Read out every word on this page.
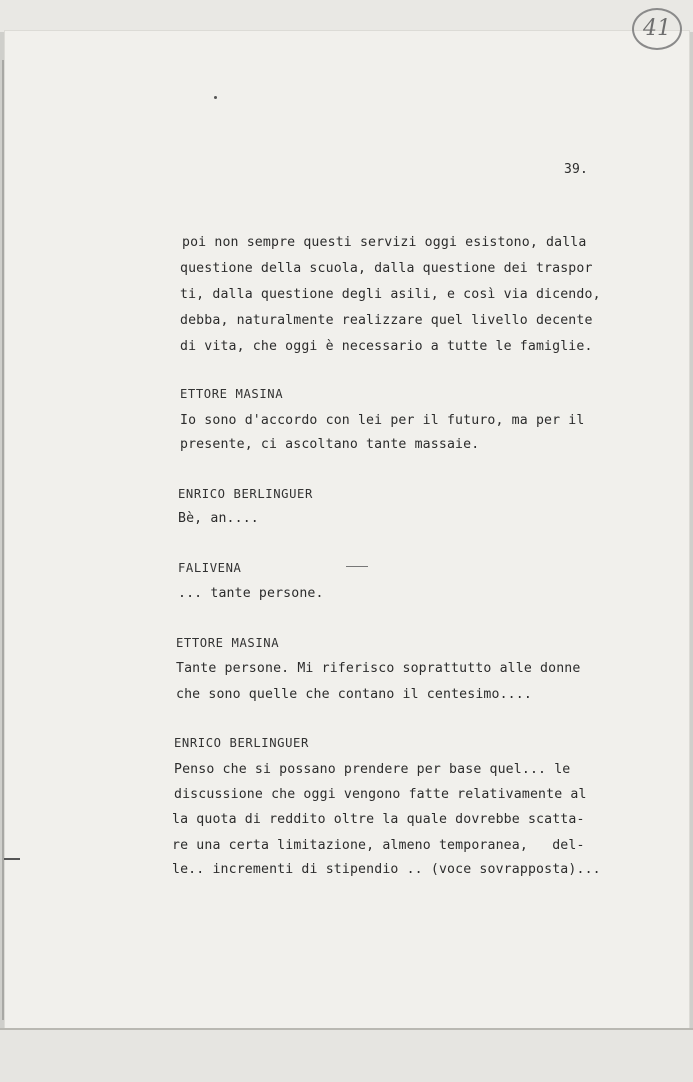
41
39.
poi non sempre questi servizi oggi esistono, dalla
questione della scuola, dalla questione dei traspor
ti, dalla questione degli asili, e così via dicendo,
debba, naturalmente realizzare quel livello decente
di vita, che oggi è necessario a tutte le famiglie.
ETTORE MASINA
Io sono d'accordo con lei per il futuro, ma per il
presente, ci ascoltano tante massaie.
ENRICO BERLINGUER
Bè, an....
FALIVENA
... tante persone.
ETTORE MASINA
Tante persone. Mi riferisco soprattutto alle donne
che sono quelle che contano il centesimo....
ENRICO BERLINGUER
Penso che si possano prendere per base quel... le
discussione che oggi vengono fatte relativamente al
la quota di reddito oltre la quale dovrebbe scatta-
re una certa limitazione, almeno temporanea,   del-
le.. incrementi di stipendio .. (voce sovrapposta)...
